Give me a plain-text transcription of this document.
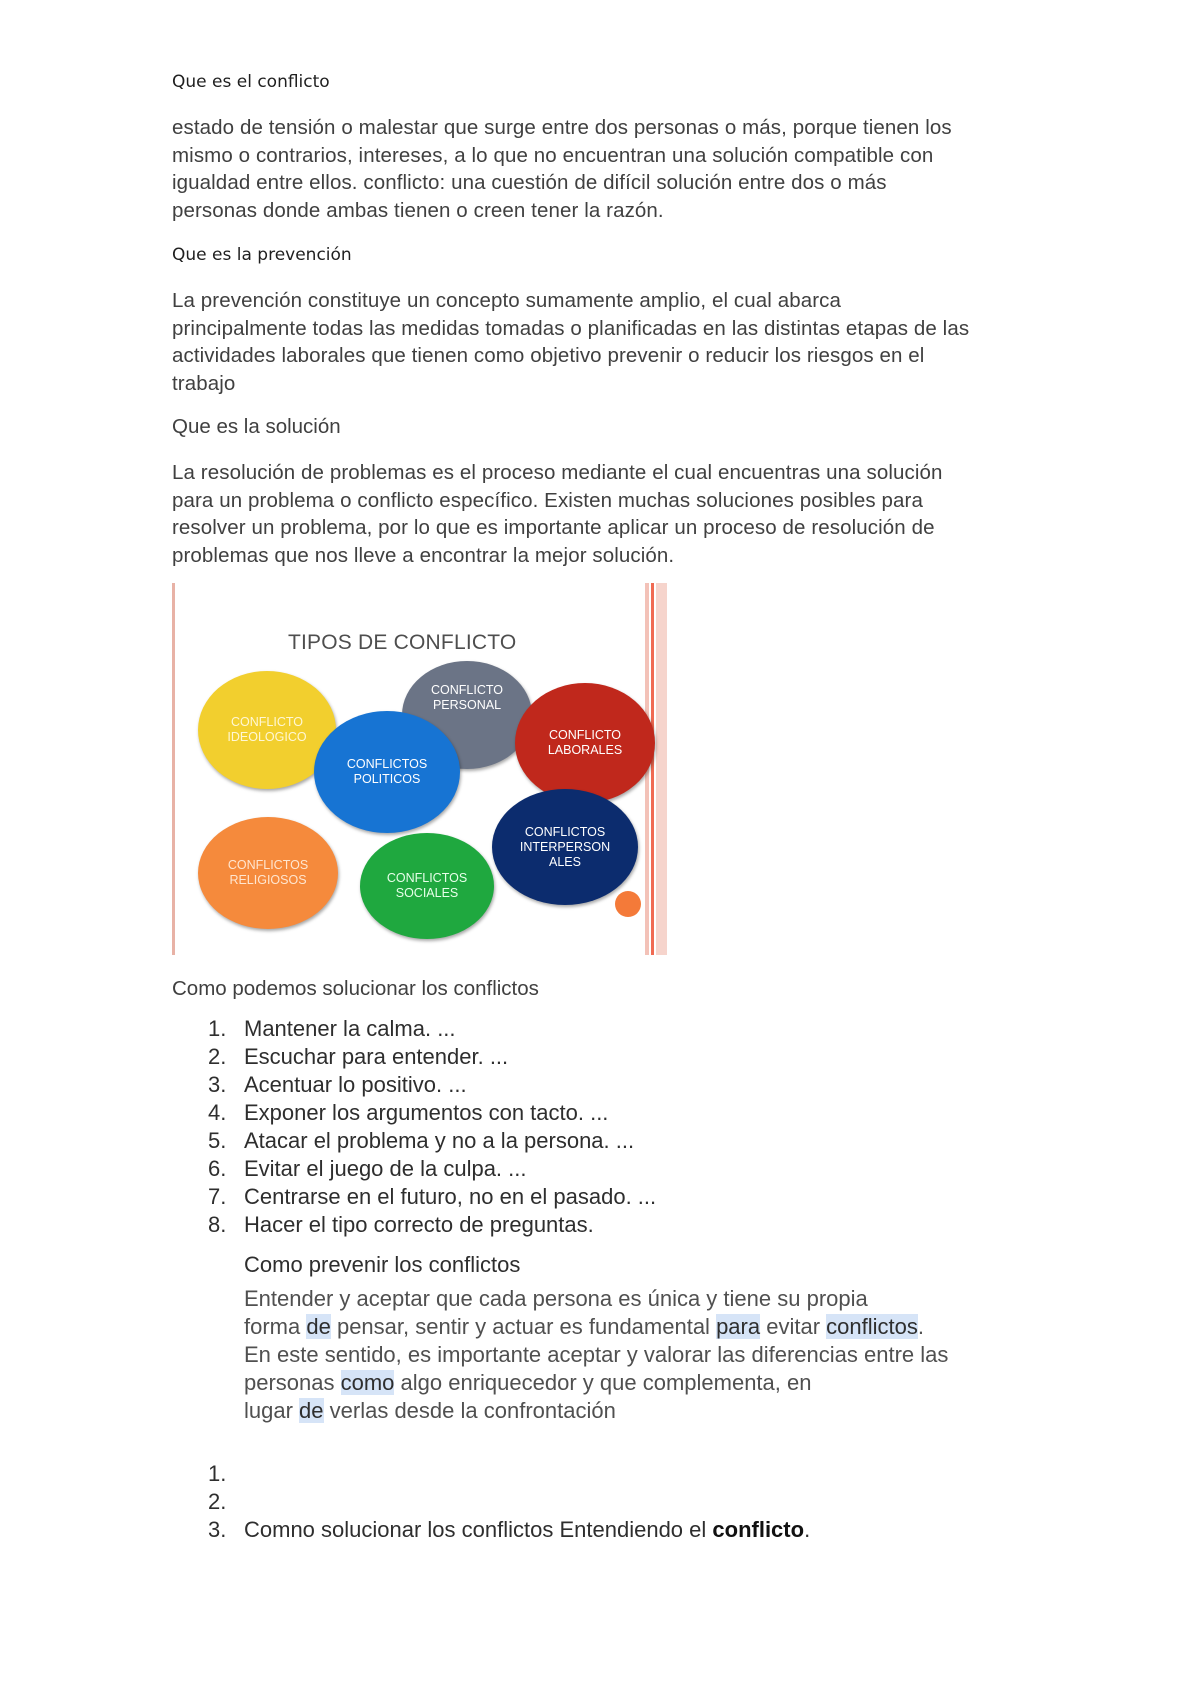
Que es el conflicto
estado de tensión o malestar que surge entre dos personas o más, porque tienen los
mismo o contrarios, intereses, a lo que no encuentran una solución compatible con
igualdad entre ellos. conflicto: una cuestión de difícil solución entre dos o más
personas donde ambas tienen o creen tener la razón.
Que es la prevención
La prevención constituye un concepto sumamente amplio, el cual abarca
principalmente todas las medidas tomadas o planificadas en las distintas etapas de las
actividades laborales que tienen como objetivo prevenir o reducir los riesgos en el
trabajo
Que es la solución
La resolución de problemas es el proceso mediante el cual encuentras una solución
para un problema o conflicto específico. Existen muchas soluciones posibles para
resolver un problema, por lo que es importante aplicar un proceso de resolución de
problemas que nos lleve a encontrar la mejor solución.
TIPOS DE CONFLICTO
CONFLICTO IDEOLOGICO
CONFLICTO PERSONAL
CONFLICTO LABORALES
CONFLICTOS POLITICOS
CONFLICTOS INTERPERSON ALES
CONFLICTOS RELIGIOSOS	CONFLICTOS SOCIALES
Como podemos solucionar los conflictos
1. Mantener la calma. ...
2. Escuchar para entender. ...
3. Acentuar lo positivo. ...
4. Exponer los argumentos con tacto. ...
5. Atacar el problema y no a la persona. ...
6. Evitar el juego de la culpa. ...
7. Centrarse en el futuro, no en el pasado. ...
8. Hacer el tipo correcto de preguntas.
Como prevenir los conflictos
Entender y aceptar que cada persona es única y tiene su propia
forma de pensar, sentir y actuar es fundamental para evitar conflictos.
En este sentido, es importante aceptar y valorar las diferencias entre las
personas como algo enriquecedor y que complementa, en
lugar de verlas desde la confrontación
1.
2.
3. Comno solucionar los conflictos Entendiendo el conflicto.
